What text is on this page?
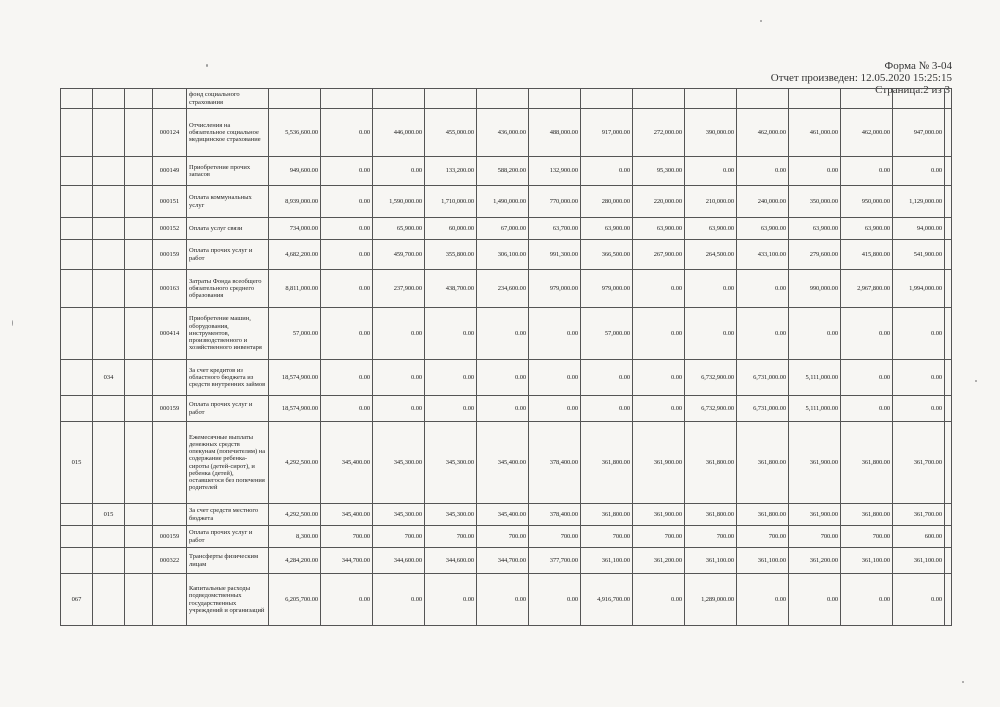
Форма № 3-04
Отчет произведен: 12.05.2020 15:25:15
Страница:2 из 3
				фонд социального страхования														
			000124	Отчисления на обязательное социальное медицинское страхование	5,536,600.00	0.00	446,000.00	455,000.00	436,000.00	488,000.00	917,000.00	272,000.00	390,000.00	462,000.00	461,000.00	462,000.00	947,000.00	
			000149	Приобретение прочих запасов	949,600.00	0.00	0.00	133,200.00	588,200.00	132,900.00	0.00	95,300.00	0.00	0.00	0.00	0.00	0.00	
			000151	Оплата коммунальных услуг	8,939,000.00	0.00	1,590,000.00	1,710,000.00	1,490,000.00	770,000.00	280,000.00	220,000.00	210,000.00	240,000.00	350,000.00	950,000.00	1,129,000.00	
			000152	Оплата услуг связи	734,000.00	0.00	65,900.00	60,000.00	67,000.00	63,700.00	63,900.00	63,900.00	63,900.00	63,900.00	63,900.00	63,900.00	94,000.00	
			000159	Оплата прочих услуг и работ	4,682,200.00	0.00	459,700.00	355,800.00	306,100.00	991,300.00	366,500.00	267,900.00	264,500.00	433,100.00	279,600.00	415,800.00	541,900.00	
			000163	Затраты Фонда всеобщего обязательного среднего образования	8,811,000.00	0.00	237,900.00	438,700.00	234,600.00	979,000.00	979,000.00	0.00	0.00	0.00	990,000.00	2,967,800.00	1,994,000.00	
			000414	Приобретение машин, оборудования, инструментов, производственного и хозяйственного инвентаря	57,000.00	0.00	0.00	0.00	0.00	0.00	57,000.00	0.00	0.00	0.00	0.00	0.00	0.00	
	034			За счет кредитов из областного бюджета из средств внутренних займов	18,574,900.00	0.00	0.00	0.00	0.00	0.00	0.00	0.00	6,732,900.00	6,731,000.00	5,111,000.00	0.00	0.00	
			000159	Оплата прочих услуг и работ	18,574,900.00	0.00	0.00	0.00	0.00	0.00	0.00	0.00	6,732,900.00	6,731,000.00	5,111,000.00	0.00	0.00	
015				Ежемесячные выплаты денежных средств опекунам (попечителям) на содержание ребенка-сироты (детей-сирот), и ребенка (детей), оставшегося без попечения родителей	4,292,500.00	345,400.00	345,300.00	345,300.00	345,400.00	378,400.00	361,800.00	361,900.00	361,800.00	361,800.00	361,900.00	361,800.00	361,700.00	
	015			За счет средств местного бюджета	4,292,500.00	345,400.00	345,300.00	345,300.00	345,400.00	378,400.00	361,800.00	361,900.00	361,800.00	361,800.00	361,900.00	361,800.00	361,700.00	
			000159	Оплата прочих услуг и работ	8,300.00	700.00	700.00	700.00	700.00	700.00	700.00	700.00	700.00	700.00	700.00	700.00	600.00	
			000322	Трансферты физическим лицам	4,284,200.00	344,700.00	344,600.00	344,600.00	344,700.00	377,700.00	361,100.00	361,200.00	361,100.00	361,100.00	361,200.00	361,100.00	361,100.00	
067				Капитальные расходы подведомственных государственных учреждений и организаций	6,205,700.00	0.00	0.00	0.00	0.00	0.00	4,916,700.00	0.00	1,289,000.00	0.00	0.00	0.00	0.00	
